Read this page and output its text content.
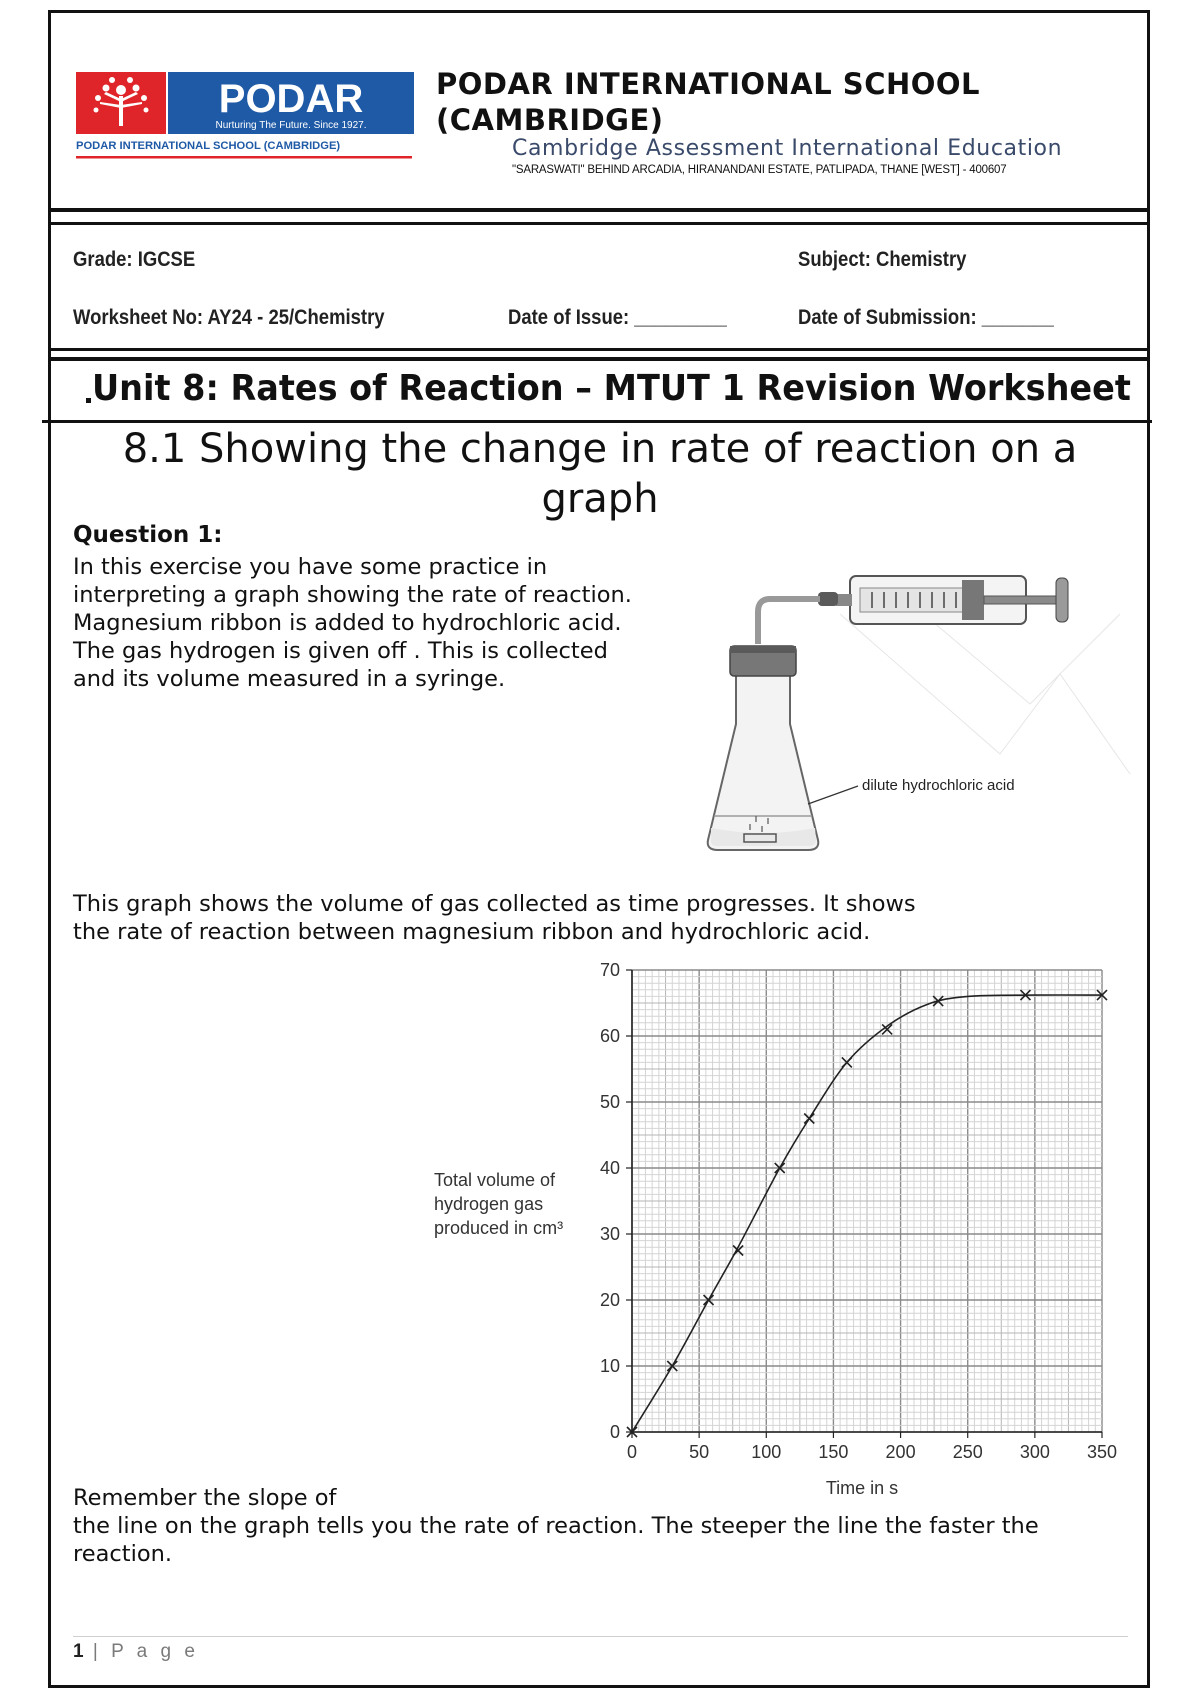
PODAR
Nurturing The Future. Since 1927.
PODAR INTERNATIONAL SCHOOL (CAMBRIDGE)
PODAR INTERNATIONAL SCHOOL
(CAMBRIDGE)
Cambridge Assessment International Education
"SARASWATI" BEHIND ARCADIA, HIRANANDANI ESTATE, PATLIPADA, THANE [WEST] - 400607
Grade: IGCSE	Subject: Chemistry
Worksheet No: AY24 - 25/Chemistry	Date of Issue: _________	Date of Submission: _______
Unit 8: Rates of Reaction – MTUT 1 Revision Worksheet
8.1 Showing the change in rate of reaction on a
graph
Question 1:
In this exercise you have some practice in
interpreting a graph showing the rate of reaction.
Magnesium ribbon is added to hydrochloric acid.
The gas hydrogen is given off . This is collected
and its volume measured in a syringe.
dilute hydrochloric acid
This graph shows the volume of gas collected as time progresses. It shows
the rate of reaction between magnesium ribbon and hydrochloric acid.
0	50 100 150 200 250 300 350
0
10
20
30
40
50
60
70
Total volume of
hydrogen gas
produced in cm³
Time in s
Remember the slope of
the line on the graph tells you the rate of reaction. The steeper the line the faster the
reaction.
1 | P a g e
